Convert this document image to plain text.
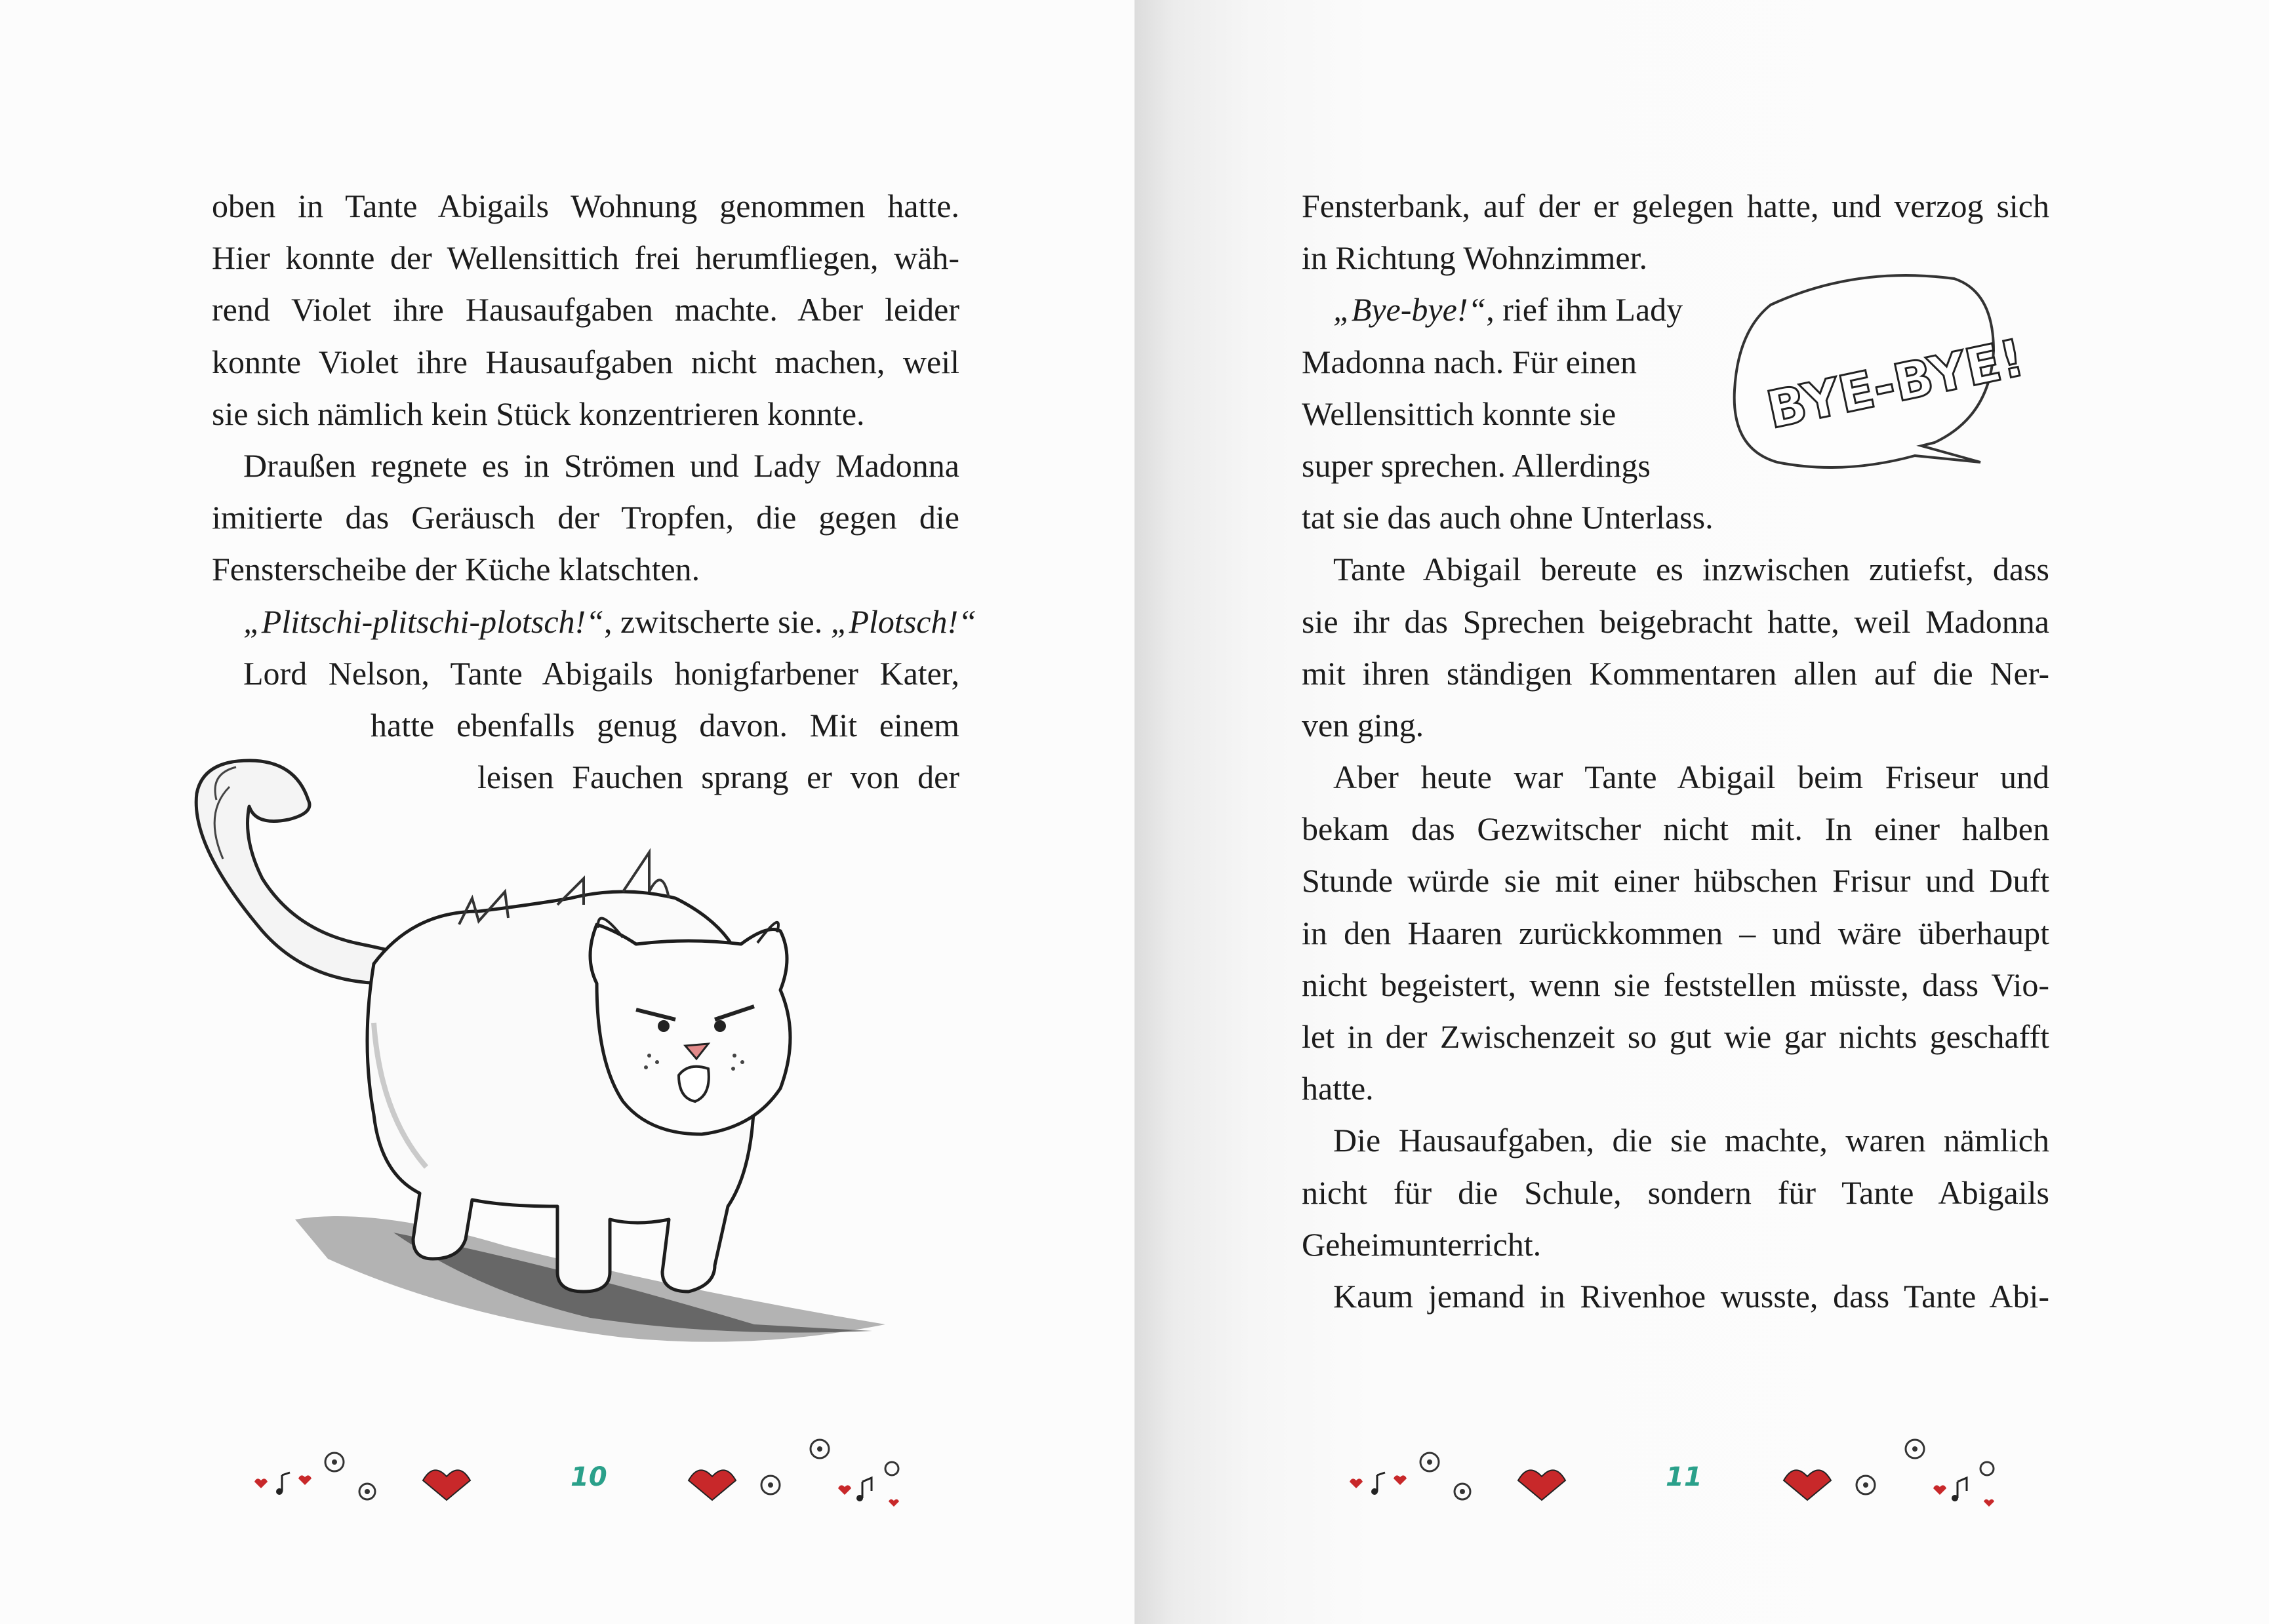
oben in Tante Abigails Wohnung genommen hatte.
Hier konnte der Wellensittich frei herumfliegen, wäh-
rend Violet ihre Hausaufgaben machte. Aber leider
konnte Violet ihre Hausaufgaben nicht machen, weil
sie sich nämlich kein Stück konzentrieren konnte.
Draußen regnete es in Strömen und Lady Madonna
imitierte das Geräusch der Tropfen, die gegen die
Fensterscheibe der Küche klatschten.
„Plitschi-plitschi-plotsch!“, zwitscherte sie. „Plotsch!“
Lord Nelson, Tante Abigails honigfarbener Kater,
hatte ebenfalls genug davon. Mit einem
leisen Fauchen sprang er von der
10
Fensterbank, auf der er gelegen hatte, und verzog sich
in Richtung Wohnzimmer.
„Bye-bye!“, rief ihm Lady
Madonna nach. Für einen
Wellensittich konnte sie
super sprechen. Allerdings
tat sie das auch ohne Unterlass.
Tante Abigail bereute es inzwischen zutiefst, dass
sie ihr das Sprechen beigebracht hatte, weil Madonna
mit ihren ständigen Kommentaren allen auf die Ner-
ven ging.
Aber heute war Tante Abigail beim Friseur und
bekam das Gezwitscher nicht mit. In einer halben
Stunde würde sie mit einer hübschen Frisur und Duft
in den Haaren zurückkommen – und wäre überhaupt
nicht begeistert, wenn sie feststellen müsste, dass Vio-
let in der Zwischenzeit so gut wie gar nichts geschafft
hatte.
Die Hausaufgaben, die sie machte, waren nämlich
nicht für die Schule, sondern für Tante Abigails
Geheimunterricht.
Kaum jemand in Rivenhoe wusste, dass Tante Abi-
BYE-BYE!
11
